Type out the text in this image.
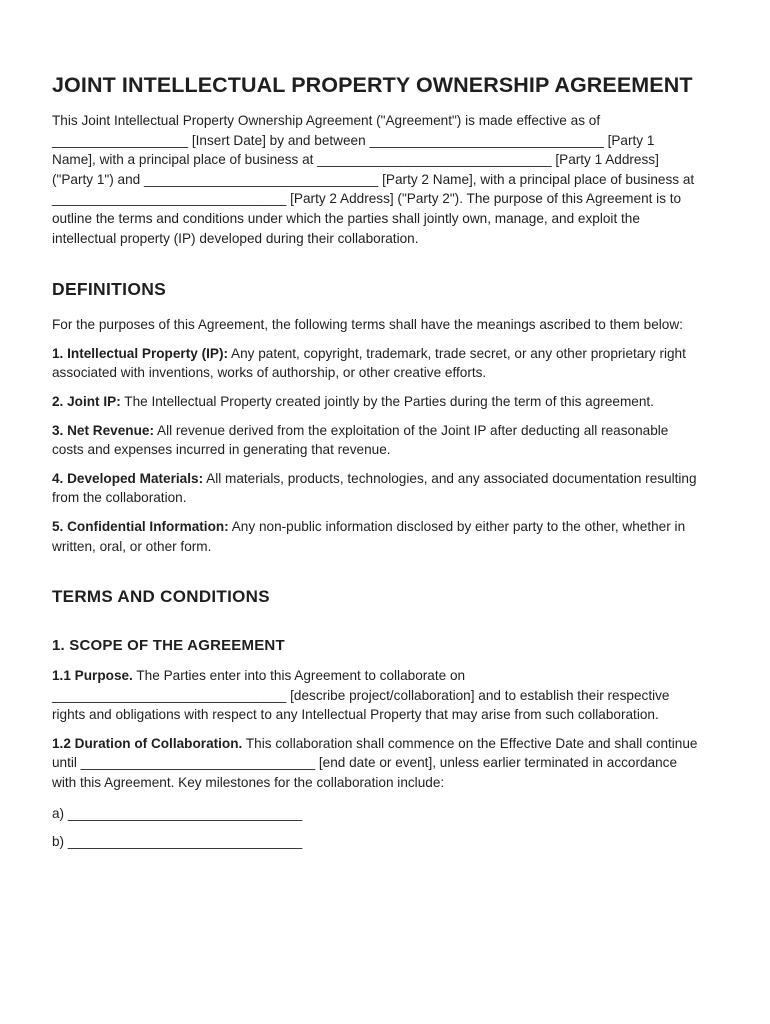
JOINT INTELLECTUAL PROPERTY OWNERSHIP AGREEMENT

This Joint Intellectual Property Ownership Agreement ("Agreement") is made effective as of __________________ [Insert Date] by and between _______________________________ [Party 1 Name], with a principal place of business at _______________________________ [Party 1 Address] ("Party 1") and _______________________________ [Party 2 Name], with a principal place of business at _______________________________ [Party 2 Address] ("Party 2"). The purpose of this Agreement is to outline the terms and conditions under which the parties shall jointly own, manage, and exploit the intellectual property (IP) developed during their collaboration.

DEFINITIONS

For the purposes of this Agreement, the following terms shall have the meanings ascribed to them below:

1. Intellectual Property (IP): Any patent, copyright, trademark, trade secret, or any other proprietary right associated with inventions, works of authorship, or other creative efforts.

2. Joint IP: The Intellectual Property created jointly by the Parties during the term of this agreement.

3. Net Revenue: All revenue derived from the exploitation of the Joint IP after deducting all reasonable costs and expenses incurred in generating that revenue.

4. Developed Materials: All materials, products, technologies, and any associated documentation resulting from the collaboration.

5. Confidential Information: Any non-public information disclosed by either party to the other, whether in written, oral, or other form.

TERMS AND CONDITIONS
1. SCOPE OF THE AGREEMENT

1.1 Purpose. The Parties enter into this Agreement to collaborate on _______________________________ [describe project/collaboration] and to establish their respective rights and obligations with respect to any Intellectual Property that may arise from such collaboration.

1.2 Duration of Collaboration. This collaboration shall commence on the Effective Date and shall continue until _______________________________ [end date or event], unless earlier terminated in accordance with this Agreement. Key milestones for the collaboration include:

a) _______________________________

b) _______________________________
